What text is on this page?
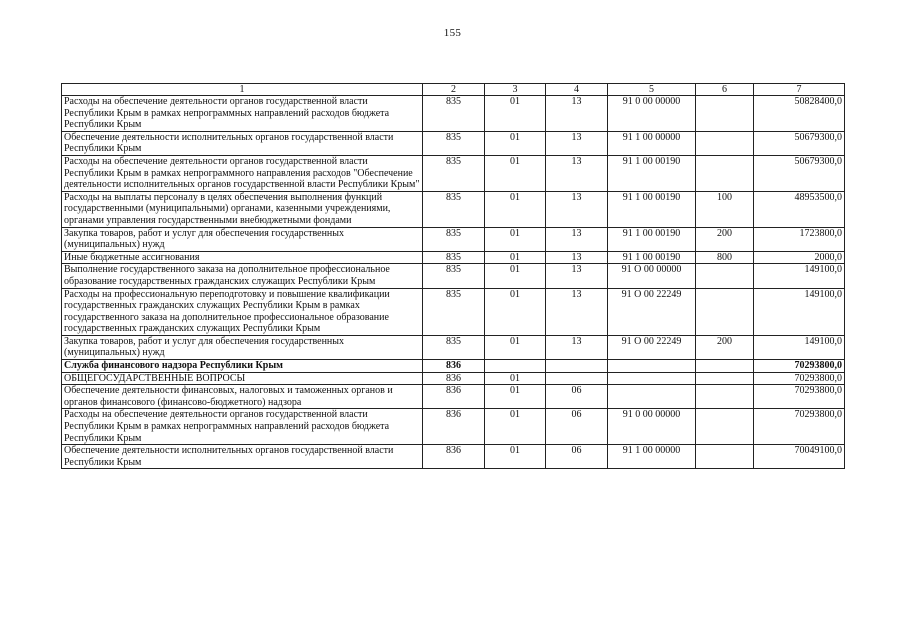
155
1	2	3	4	5	6	7
Расходы на обеспечение деятельности органов государственной власти Республики Крым в рамках непрограммных направлений расходов бюджета Республики Крым	835	01	13	91 0 00 00000		50828400,0
Обеспечение деятельности исполнительных органов государственной власти Республики Крым	835	01	13	91 1 00 00000		50679300,0
Расходы на обеспечение деятельности органов государственной власти Республики Крым в рамках непрограммного направления расходов "Обеспечение деятельности исполнительных органов государственной власти Республики Крым"	835	01	13	91 1 00 00190		50679300,0
Расходы на выплаты персоналу в целях обеспечения выполнения функций государственными (муниципальными) органами, казенными учреждениями, органами управления государственными внебюджетными фондами	835	01	13	91 1 00 00190	100	48953500,0
Закупка товаров, работ и услуг для обеспечения государственных (муниципальных) нужд	835	01	13	91 1 00 00190	200	1723800,0
Иные бюджетные ассигнования	835	01	13	91 1 00 00190	800	2000,0
Выполнение государственного заказа на дополнительное профессиональное образование государственных гражданских служащих Республики Крым	835	01	13	91 О 00 00000		149100,0
Расходы на профессиональную переподготовку и повышение квалификации государственных гражданских служащих Республики Крым в рамках государственного заказа на дополнительное профессиональное образование государственных гражданских служащих Республики Крым	835	01	13	91 О 00 22249		149100,0
Закупка товаров, работ и услуг для обеспечения государственных (муниципальных) нужд	835	01	13	91 О 00 22249	200	149100,0
Служба финансового надзора Республики Крым	836					70293800,0
ОБЩЕГОСУДАРСТВЕННЫЕ ВОПРОСЫ	836	01				70293800,0
Обеспечение деятельности финансовых, налоговых и таможенных органов и органов финансового (финансово-бюджетного) надзора	836	01	06			70293800,0
Расходы на обеспечение деятельности органов государственной власти Республики Крым в рамках непрограммных направлений расходов бюджета Республики Крым	836	01	06	91 0 00 00000		70293800,0
Обеспечение деятельности исполнительных органов государственной власти Республики Крым	836	01	06	91 1 00 00000		70049100,0
